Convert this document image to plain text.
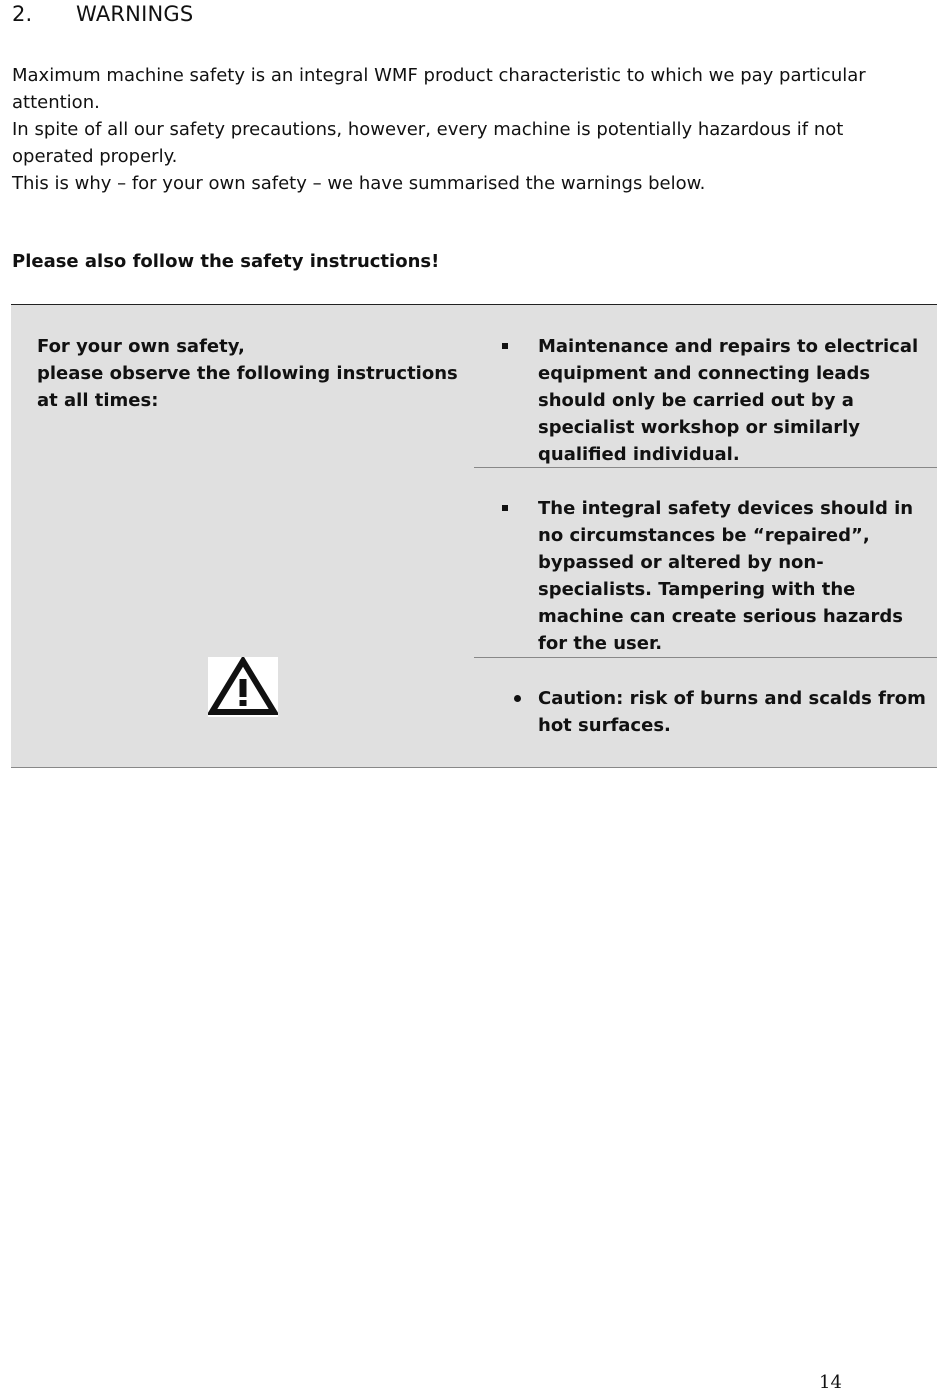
2.	WARNINGS

Maximum machine safety is an integral WMF product characteristic to which we pay particular attention.

In spite of all our safety precautions, however, every machine is potentially hazardous if not operated properly.

This is why – for your own safety – we have summarised the warnings below.

Please also follow the safety instructions!
For your own safety,
please observe the following instructions
at all times:
Maintenance and repairs to electrical equipment and connecting leads should only be carried out by a specialist workshop or similarly qualified individual.
The integral safety devices should in no circumstances be “repaired”, bypassed or altered by non-specialists. Tampering with the machine can create serious hazards for the user.
Caution: risk of burns and scalds from hot surfaces.
14
